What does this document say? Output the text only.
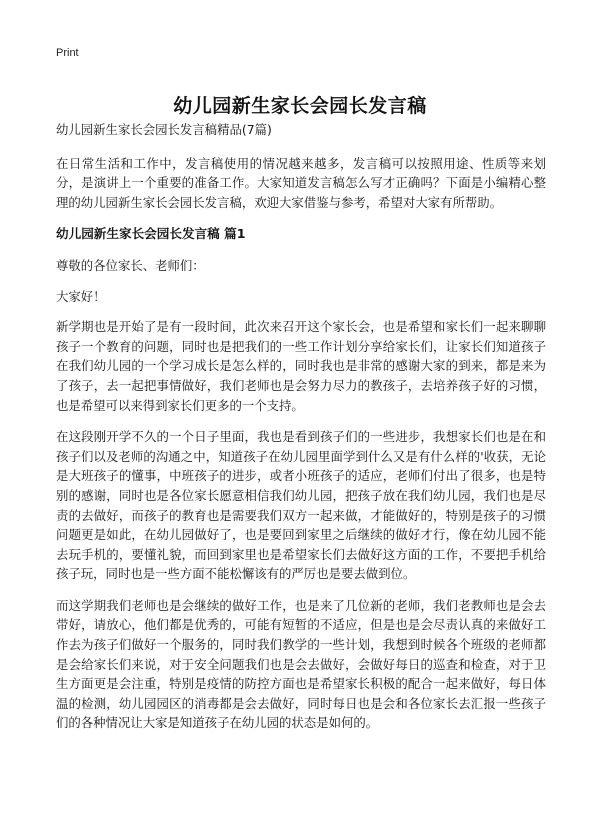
Print
幼儿园新生家长会园长发言稿

幼儿园新生家长会园长发言稿精品(7篇)

在日常生活和工作中，发言稿使用的情况越来越多，发言稿可以按照用途、性质等来划分，是演讲上一个重要的准备工作。大家知道发言稿怎么写才正确吗？下面是小编精心整理的幼儿园新生家长会园长发言稿，欢迎大家借鉴与参考，希望对大家有所帮助。

幼儿园新生家长会园长发言稿 篇1

尊敬的各位家长、老师们：

大家好！

新学期也是开始了是有一段时间，此次来召开这个家长会，也是希望和家长们一起来聊聊孩子一个教育的问题，同时也是把我们的一些工作计划分享给家长们，让家长们知道孩子在我们幼儿园的一个学习成长是怎么样的，同时我也是非常的感谢大家的到来，都是来为了孩子，去一起把事情做好，我们老师也是会努力尽力的教孩子，去培养孩子好的习惯，也是希望可以来得到家长们更多的一个支持。

在这段刚开学不久的一个日子里面，我也是看到孩子们的一些进步，我想家长们也是在和孩子们以及老师的沟通之中，知道孩子在幼儿园里面学到什么又是有什么样的'收获，无论是大班孩子的懂事，中班孩子的进步，或者小班孩子的适应，老师们付出了很多，也是特别的感谢，同时也是各位家长愿意相信我们幼儿园，把孩子放在我们幼儿园，我们也是尽责的去做好，而孩子的教育也是需要我们双方一起来做，才能做好的，特别是孩子的习惯问题更是如此，在幼儿园做好了，也是要回到家里之后继续的做好才行，像在幼儿园不能去玩手机的，要懂礼貌，而回到家里也是希望家长们去做好这方面的工作，不要把手机给孩子玩，同时也是一些方面不能松懈该有的严厉也是要去做到位。

而这学期我们老师也是会继续的做好工作，也是来了几位新的老师，我们老教师也是会去带好，请放心，他们都是优秀的，可能有短暂的不适应，但是也是会尽责认真的来做好工作去为孩子们做好一个服务的，同时我们教学的一些计划，我想到时候各个班级的老师都是会给家长们来说，对于安全问题我们也是会去做好，会做好每日的巡查和检查，对于卫生方面更是会注重，特别是疫情的防控方面也是希望家长积极的配合一起来做好，每日体温的检测，幼儿园园区的消毒都是会去做好，同时每日也是会和各位家长去汇报一些孩子们的各种情况让大家是知道孩子在幼儿园的状态是如何的。
